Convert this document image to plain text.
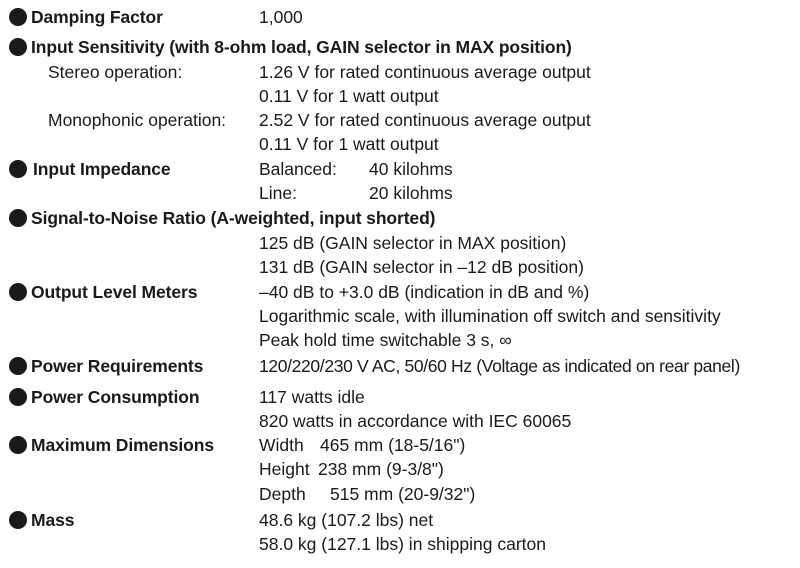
Damping Factor	1,000
Input Sensitivity (with 8-ohm load, GAIN selector in MAX position)
Stereo operation:	1.26 V for rated continuous average output
0.11 V for 1 watt output
Monophonic operation: 2.52 V for rated continuous average output
0.11 V for 1 watt output
Input Impedance	Balanced: 40 kilohms
Line:	20 kilohms
Signal-to-Noise Ratio (A-weighted, input shorted)
125 dB (GAIN selector in MAX position)
131 dB (GAIN selector in –12 dB position)
Output Level Meters	–40 dB to +3.0 dB (indication in dB and %)
Logarithmic scale, with illumination off switch and sensitivity
Peak hold time switchable 3 s, ∞
Power Requirements	120/220/230 V AC, 50/60 Hz (Voltage as indicated on rear panel)
Power Consumption	117 watts idle
820 watts in accordance with IEC 60065
Maximum Dimensions	Width 465 mm (18-5/16")
Height 238 mm (9-3/8")
Depth 515 mm (20-9/32")
Mass	48.6 kg (107.2 lbs) net
58.0 kg (127.1 lbs) in shipping carton
